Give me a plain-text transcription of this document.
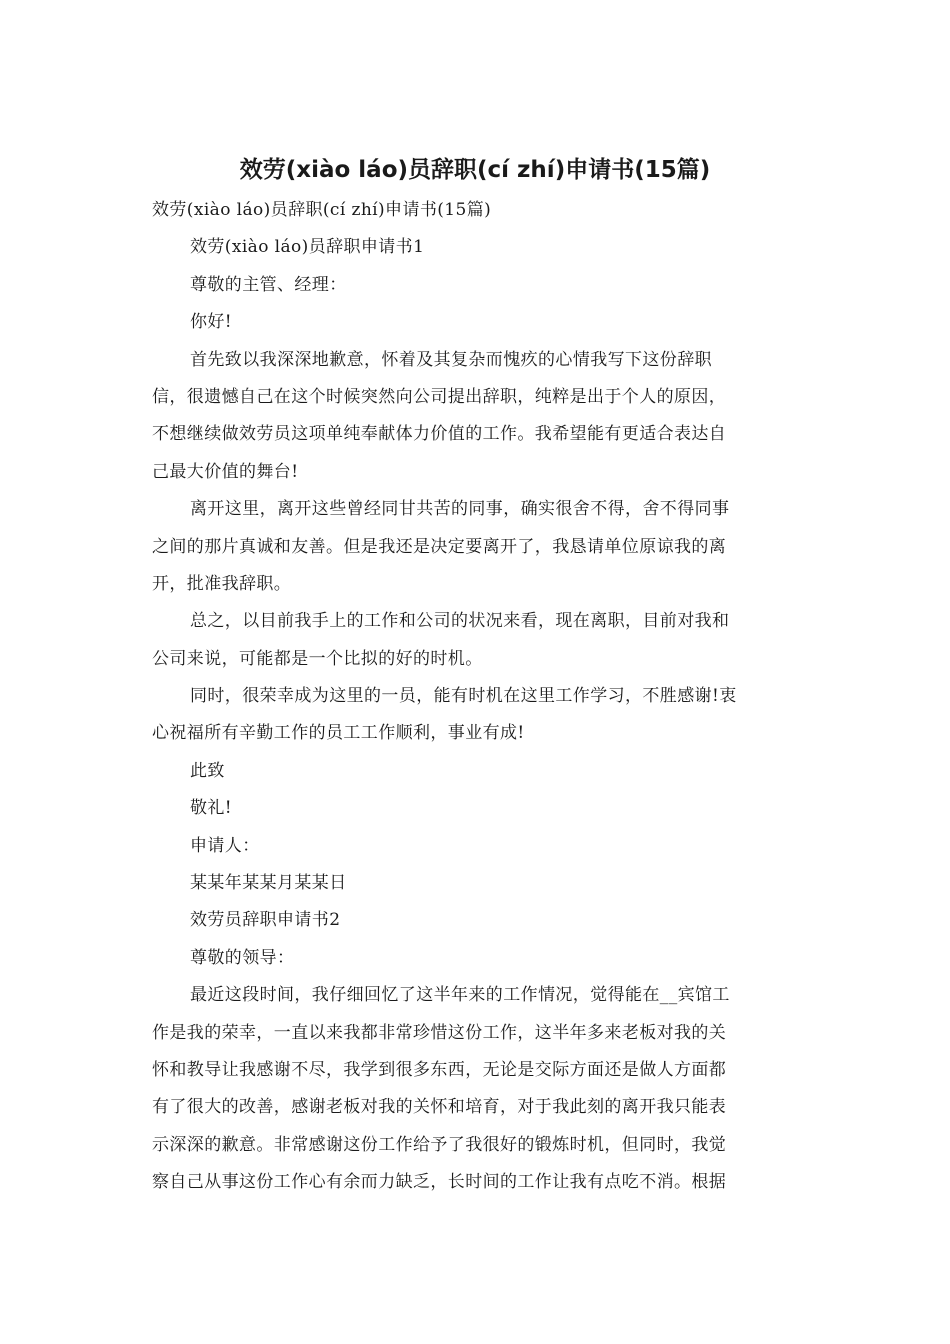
效劳(xiào láo)员辞职(cí zhí)申请书(15篇)
效劳(xiào láo)员辞职(cí zhí)申请书(15篇)
效劳(xiào láo)员辞职申请书1
尊敬的主管、经理：
你好!
首先致以我深深地歉意，怀着及其复杂而愧疚的心情我写下这份辞职
信，很遗憾自己在这个时候突然向公司提出辞职，纯粹是出于个人的原因，
不想继续做效劳员这项单纯奉献体力价值的工作。我希望能有更适合表达自
己最大价值的舞台!
离开这里，离开这些曾经同甘共苦的同事，确实很舍不得，舍不得同事
之间的那片真诚和友善。但是我还是决定要离开了，我恳请单位原谅我的离
开，批准我辞职。
总之，以目前我手上的工作和公司的状况来看，现在离职，目前对我和
公司来说，可能都是一个比拟的好的时机。
同时，很荣幸成为这里的一员，能有时机在这里工作学习，不胜感谢!衷
心祝福所有辛勤工作的员工工作顺利，事业有成!
此致
敬礼!
申请人：
某某年某某月某某日
效劳员辞职申请书2
尊敬的领导：
最近这段时间，我仔细回忆了这半年来的工作情况，觉得能在__宾馆工
作是我的荣幸，一直以来我都非常珍惜这份工作，这半年多来老板对我的关
怀和教导让我感谢不尽，我学到很多东西，无论是交际方面还是做人方面都
有了很大的改善，感谢老板对我的关怀和培育，对于我此刻的离开我只能表
示深深的歉意。非常感谢这份工作给予了我很好的锻炼时机，但同时，我觉
察自己从事这份工作心有余而力缺乏，长时间的工作让我有点吃不消。根据
